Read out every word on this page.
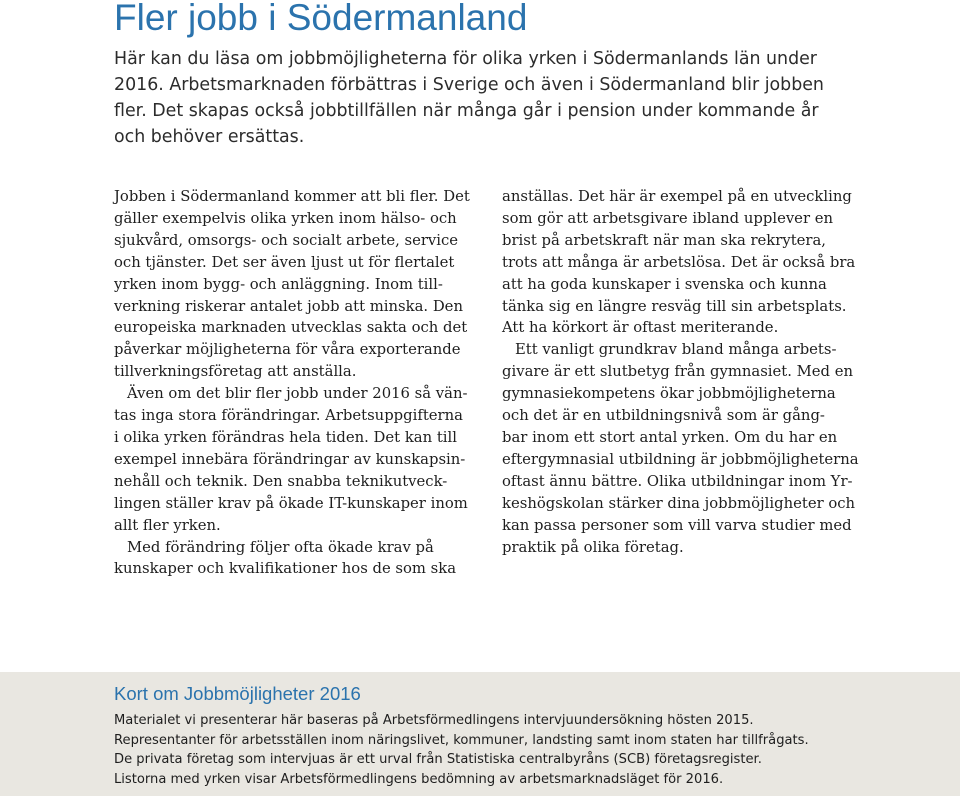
Fler jobb i Södermanland

Här kan du läsa om jobbmöjligheterna för olika yrken i Södermanlands län under
2016. Arbetsmarknaden förbättras i Sverige och även i Södermanland blir jobben
fler. Det skapas också jobbtillfällen när många går i pension under kommande år
och behöver ersättas.

Jobben i Södermanland kommer att bli fler. Det
gäller exempelvis olika yrken inom hälso- och
sjukvård, omsorgs- och socialt arbete, service
och tjänster. Det ser även ljust ut för flertalet
yrken inom bygg- och anläggning. Inom till-
verkning riskerar antalet jobb att minska. Den
europeiska marknaden utvecklas sakta och det
påverkar möjligheterna för våra exporterande
tillverkningsföretag att anställa.
Även om det blir fler jobb under 2016 så vän-
tas inga stora förändringar. Arbetsuppgifterna
i olika yrken förändras hela tiden. Det kan till
exempel innebära förändringar av kunskapsin-
nehåll och teknik. Den snabba teknikutveck-
lingen ställer krav på ökade IT-kunskaper inom
allt fler yrken.
Med förändring följer ofta ökade krav på
kunskaper och kvalifikationer hos de som ska
anställas. Det här är exempel på en utveckling
som gör att arbetsgivare ibland upplever en
brist på arbetskraft när man ska rekrytera,
trots att många är arbetslösa. Det är också bra
att ha goda kunskaper i svenska och kunna
tänka sig en längre resväg till sin arbetsplats.
Att ha körkort är oftast meriterande.
Ett vanligt grundkrav bland många arbets-
givare är ett slutbetyg från gymnasiet. Med en
gymnasiekompetens ökar jobbmöjligheterna
och det är en utbildningsnivå som är gång-
bar inom ett stort antal yrken. Om du har en
eftergymnasial utbildning är jobbmöjligheterna
oftast ännu bättre. Olika utbildningar inom Yr-
keshögskolan stärker dina jobbmöjligheter och
kan passa personer som vill varva studier med
praktik på olika företag.
Kort om Jobbmöjligheter 2016
Materialet vi presenterar här baseras på Arbetsförmedlingens intervjuundersökning hösten 2015.
Representanter för arbetsställen inom näringslivet, kommuner, landsting samt inom staten har tillfrågats.
De privata företag som intervjuas är ett urval från Statistiska centralbyråns (SCB) företagsregister.
Listorna med yrken visar Arbetsförmedlingens bedömning av arbetsmarknadsläget för 2016.
